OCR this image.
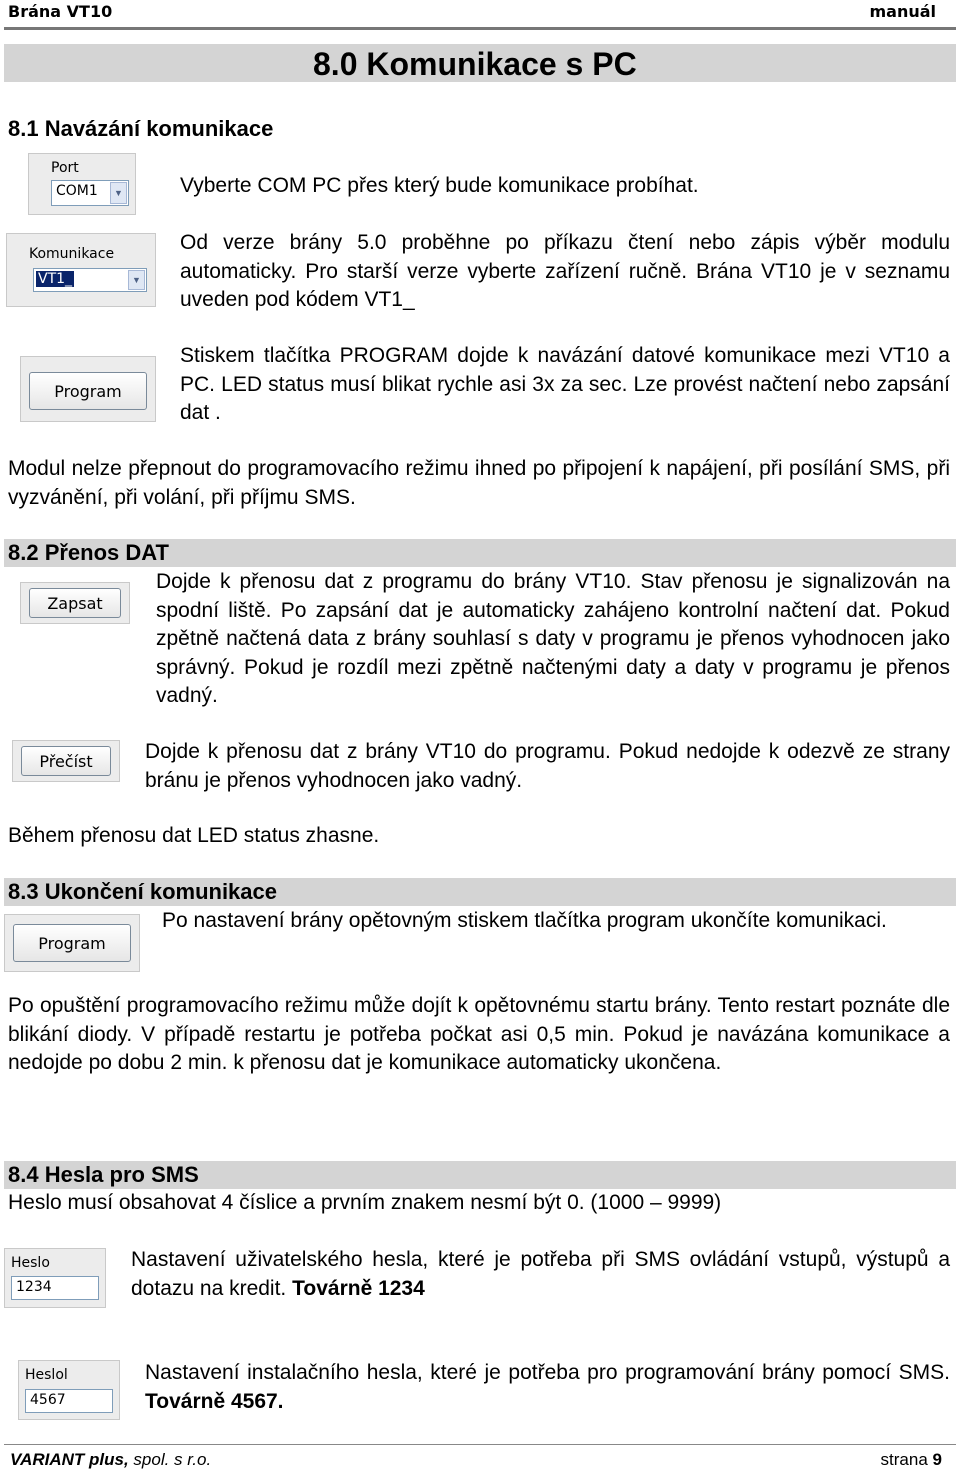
Brána VT10	manuál
8.0 Komunikace s PC
8.1 Navázání komunikace
Port
COM1	▼	Vyberte COM PC přes který bude komunikace probíhat.
Komunikace
VT1_	▼
Od verze brány 5.0 proběhne po příkazu čtení nebo zápis výběr modulu automaticky. Pro starší verze vyberte zařízení ručně. Brána VT10 je v seznamu uveden pod kódem VT1_
Program
Stiskem tlačítka PROGRAM dojde k navázání datové komunikace mezi VT10 a PC. LED status musí blikat rychle asi 3x za sec. Lze provést načtení nebo zapsání dat .
Modul nelze přepnout do programovacího režimu ihned po připojení k napájení, při posílání SMS, při vyzvánění, při volání, při příjmu SMS.
8.2 Přenos DAT
Zapsat
Dojde k přenosu dat z programu do brány VT10. Stav přenosu je signalizován na spodní liště. Po zapsání dat je automaticky zahájeno kontrolní načtení dat. Pokud zpětně načtená data z brány souhlasí s daty v programu je přenos vyhodnocen jako správný. Pokud je rozdíl mezi zpětně načtenými daty a daty v programu je přenos vadný.
Přečíst	Dojde k přenosu dat z brány VT10 do programu. Pokud nedojde k odezvě ze strany bránu je přenos vyhodnocen jako vadný.
Během přenosu dat LED status zhasne.
8.3 Ukončení komunikace
Program
Po nastavení brány opětovným stiskem tlačítka program ukončíte komunikaci.
Po opuštění programovacího režimu může dojít k opětovnému startu brány. Tento restart poznáte dle blikání diody. V případě restartu je potřeba počkat asi 0,5 min. Pokud je navázána komunikace a nedojde po dobu 2 min. k přenosu dat je komunikace automaticky ukončena.
8.4 Hesla pro SMS
Heslo musí obsahovat 4 číslice a prvním znakem nesmí být 0. (1000 – 9999)
Heslo
1234
Nastavení uživatelského hesla, které je potřeba při SMS ovládání vstupů, výstupů a dotazu na kredit. Továrně 1234
Heslol
4567
Nastavení instalačního hesla, které je potřeba pro programování brány pomocí SMS. Továrně 4567.
VARIANT plus, spol. s r.o.	strana 9
